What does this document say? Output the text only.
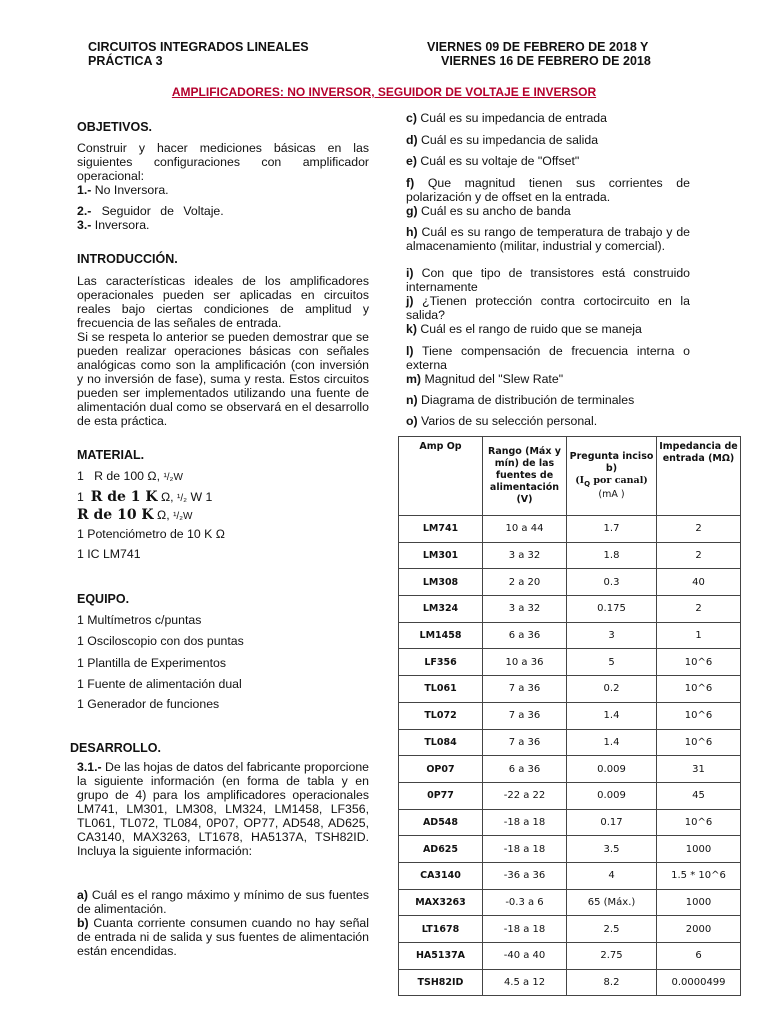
CIRCUITOS INTEGRADOS LINEALES
PRÁCTICA 3
VIERNES 09 DE FEBRERO DE 2018 Y
VIERNES 16 DE FEBRERO DE 2018
AMPLIFICADORES: NO INVERSOR, SEGUIDOR DE VOLTAJE E INVERSOR
OBJETIVOS.
Construir y hacer mediciones básicas en las siguientes configuraciones con amplificador operacional:
1.- No Inversora.
2.- Seguidor de Voltaje.
3.- Inversora.
INTRODUCCIÓN.
Las características ideales de los amplificadores operacionales pueden ser aplicadas en circuitos reales bajo ciertas condiciones de amplitud y frecuencia de las señales de entrada.
Si se respeta lo anterior se pueden demostrar que se pueden realizar operaciones básicas con señales analógicas como son la amplificación (con inversión y no inversión de fase), suma y resta. Estos circuitos pueden ser implementados utilizando una fuente de alimentación dual como se observará en el desarrollo de esta práctica.
MATERIAL.
1 R de 100 Ω, ¹/₂W
1 R de 1 K Ω, ¹/₂ W 1
R de 10 K Ω, ¹/₂W
1 Potenciómetro de 10 K Ω
1 IC LM741
EQUIPO.
1 Multímetros c/puntas
1 Osciloscopio con dos puntas
1 Plantilla de Experimentos
1 Fuente de alimentación dual
1 Generador de funciones
DESARROLLO.
3.1.- De las hojas de datos del fabricante proporcione la siguiente información (en forma de tabla y en grupo de 4) para los amplificadores operacionales LM741, LM301, LM308, LM324, LM1458, LF356, TL061, TL072, TL084, 0P07, OP77, AD548, AD625, CA3140, MAX3263, LT1678, HA5137A, TSH82ID. Incluya la siguiente información:
a) Cuál es el rango máximo y mínimo de sus fuentes de alimentación.
b) Cuanta corriente consumen cuando no hay señal de entrada ni de salida y sus fuentes de alimentación están encendidas.
c) Cuál es su impedancia de entrada
d) Cuál es su impedancia de salida
e) Cuál es su voltaje de "Offset"
f) Que magnitud tienen sus corrientes de polarización y de offset en la entrada.
g) Cuál es su ancho de banda
h) Cuál es su rango de temperatura de trabajo y de almacenamiento (militar, industrial y comercial).
i) Con que tipo de transistores está construido internamente
j) ¿Tienen protección contra cortocircuito en la salida?
k) Cuál es el rango de ruido que se maneja
l) Tiene compensación de frecuencia interna o externa
m) Magnitud del "Slew Rate"
n) Diagrama de distribución de terminales
o) Varios de su selección personal.
Amp Op	Rango (Máx y mín) de las fuentes de alimentación (V)	Pregunta inciso b)
($I_Q$ por canal) (mA )	Impedancia de entrada (MΩ)
LM741	10 a 44	1.7	2
LM301	3 a 32	1.8	2
LM308	2 a 20	0.3	40
LM324	3 a 32	0.175	2
LM1458	6 a 36	3	1
LF356	10 a 36	5	10^6
TL061	7 a 36	0.2	10^6
TL072	7 a 36	1.4	10^6
TL084	7 a 36	1.4	10^6
OP07	6 a 36	0.009	31
0P77	-22 a 22	0.009	45
AD548	-18 a 18	0.17	10^6
AD625	-18 a 18	3.5	1000
CA3140	-36 a 36	4	1.5 * 10^6
MAX3263	-0.3 a 6	65 (Máx.)	1000
LT1678	-18 a 18	2.5	2000
HA5137A	-40 a 40	2.75	6
TSH82ID	4.5 a 12	8.2	0.0000499
